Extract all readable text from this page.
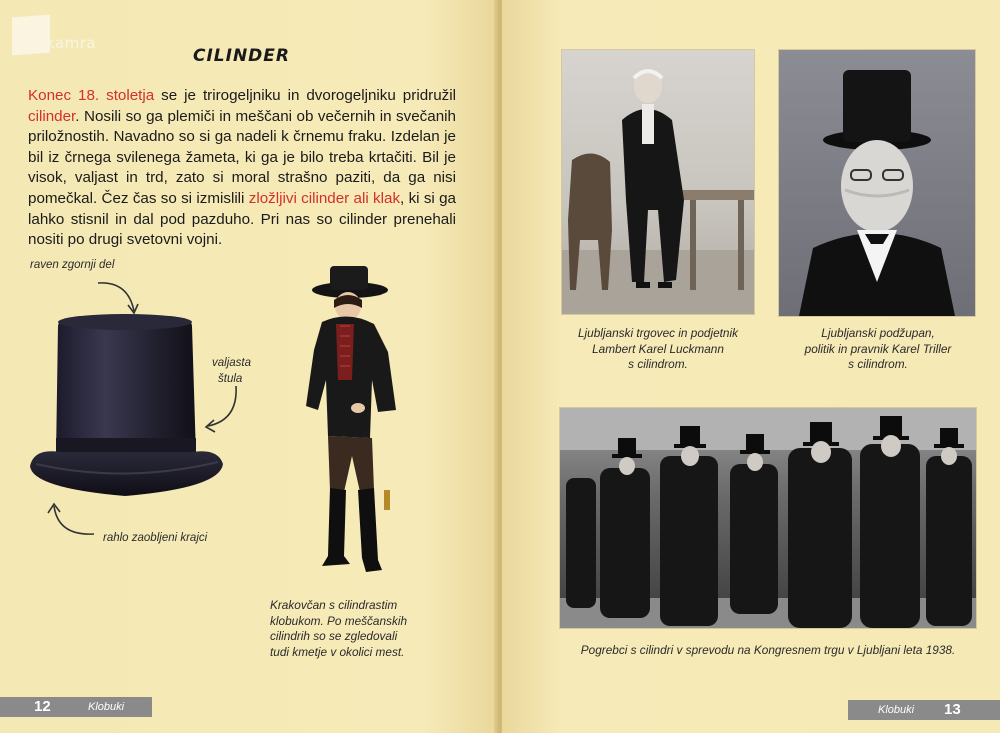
kamra
CILINDER
Konec 18. stoletja se je trirogeljniku in dvorogeljniku pridružil cilinder. Nosili so ga plemiči in meščani ob večernih in svečanih priložnostih. Navadno so si ga nadeli k črnemu fraku. Izdelan je bil iz črnega svilenega žameta, ki ga je bilo treba krtačiti. Bil je visok, valjast in trd, zato si moral strašno paziti, da ga nisi pomečkal. Čez čas so si izmislili zložljivi cilinder ali klak, ki si ga lahko stisnil in dal pod pazduho. Pri nas so cilinder prenehali nositi po drugi svetovni vojni.
raven zgornji del
valjasta
štula
rahlo zaobljeni krajci
Krakovčan s cilindrastim
klobukom. Po meščanskih
cilindrih so se zgledovali
tudi kmetje v okolici mest.
12	Klobuki
Ljubljanski trgovec in podjetnik
Lambert Karel Luckmann
s cilindrom.
Ljubljanski podžupan,
politik in pravnik Karel Triller
s cilindrom.
Pogrebci s cilindri v sprevodu na Kongresnem trgu v Ljubljani leta 1938.
Klobuki 13
